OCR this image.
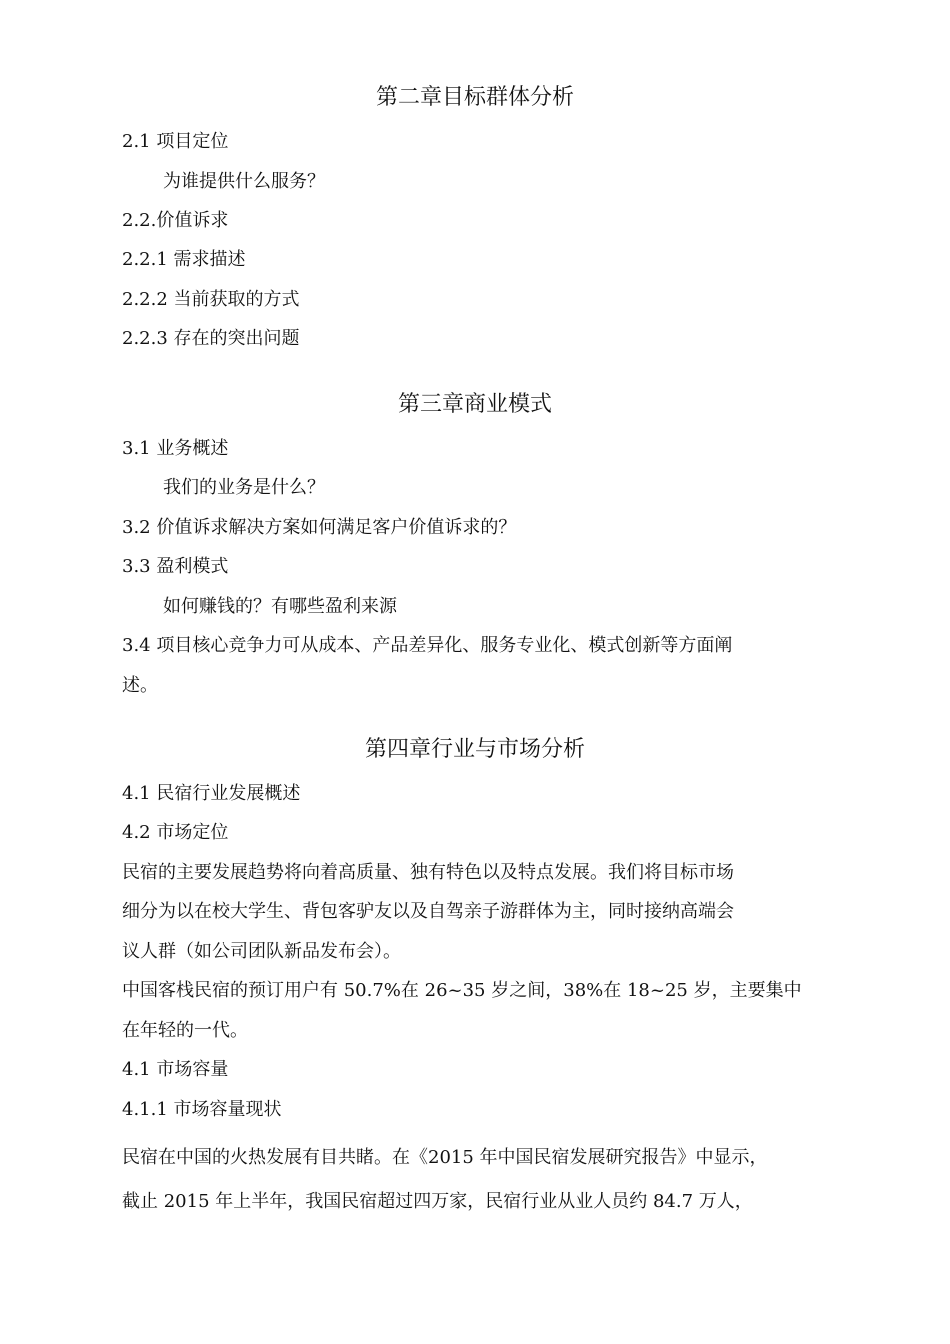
第二章目标群体分析
2.1 项目定位
为谁提供什么服务？
2.2.价值诉求
2.2.1 需求描述
2.2.2 当前获取的方式
2.2.3 存在的突出问题
第三章商业模式
3.1 业务概述
我们的业务是什么？
3.2 价值诉求解决方案如何满足客户价值诉求的？
3.3 盈利模式
如何赚钱的？有哪些盈利来源
3.4 项目核心竞争力可从成本、产品差异化、服务专业化、模式创新等方面阐
述。
第四章行业与市场分析
4.1 民宿行业发展概述
4.2 市场定位
民宿的主要发展趋势将向着高质量、独有特色以及特点发展。我们将目标市场
细分为以在校大学生、背包客驴友以及自驾亲子游群体为主，同时接纳高端会
议人群（如公司团队新品发布会）。
中国客栈民宿的预订用户有 50.7%在 26~35 岁之间，38%在 18~25 岁，主要集中
在年轻的一代。
4.1 市场容量
4.1.1 市场容量现状
民宿在中国的火热发展有目共睹。在《2015 年中国民宿发展研究报告》中显示，
截止 2015 年上半年，我国民宿超过四万家，民宿行业从业人员约 84.7 万人，
